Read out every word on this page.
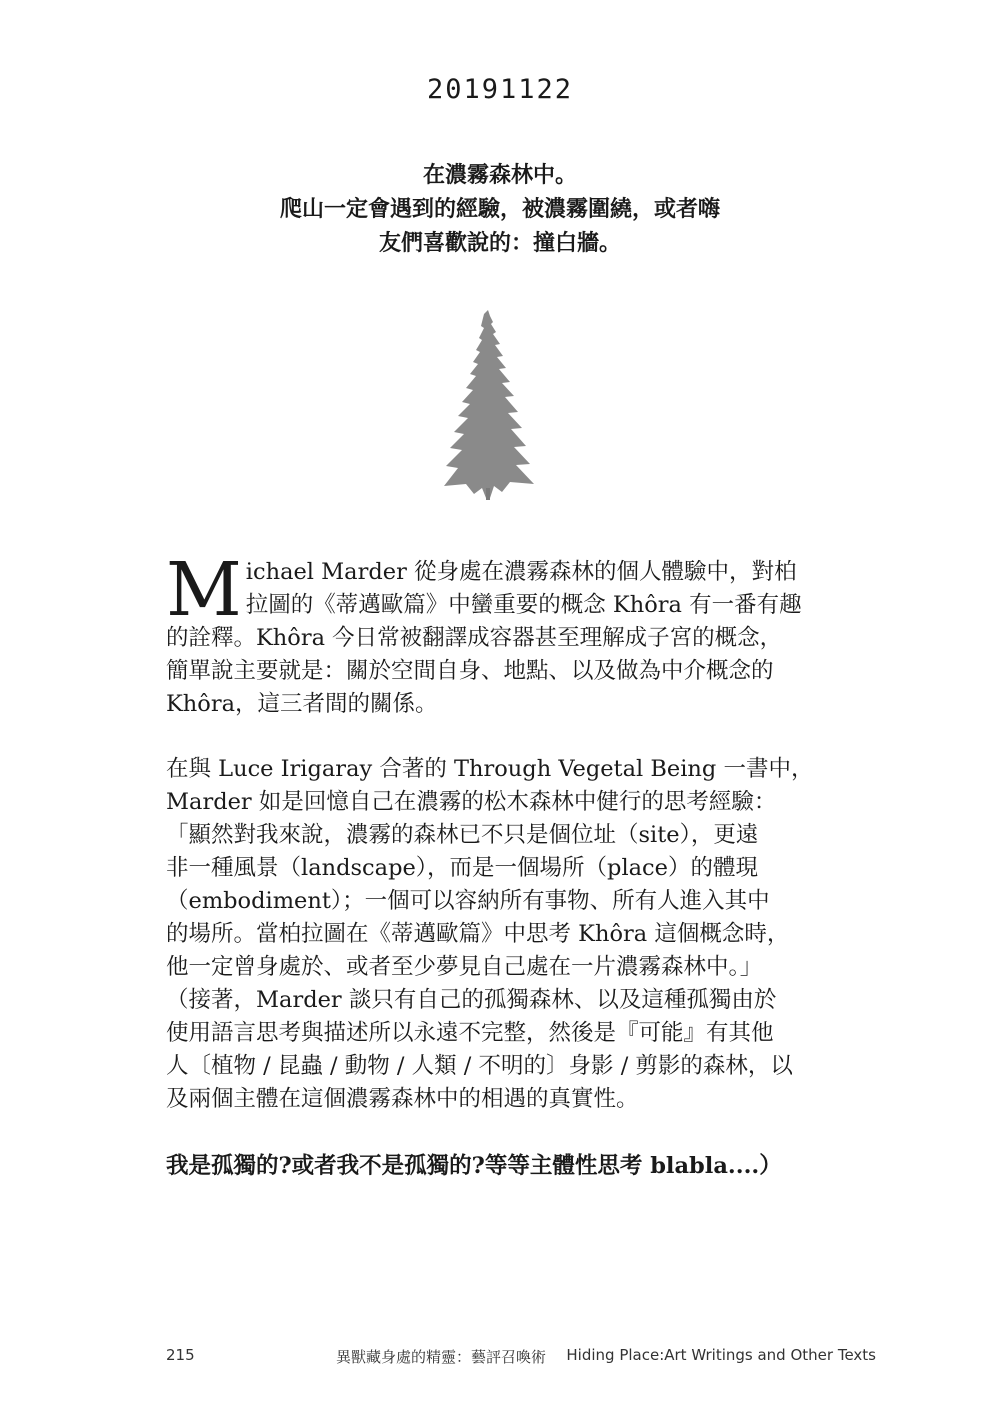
20191122
在濃霧森林中。
爬山一定會遇到的經驗，被濃霧圍繞，或者嗨
友們喜歡說的：撞白牆。
M ichael Marder 從身處在濃霧森林的個人體驗中，對柏
拉圖的《蒂邁歐篇》中蠻重要的概念 Khôra 有一番有趣
的詮釋。Khôra 今日常被翻譯成容器甚至理解成子宮的概念，
簡單說主要就是：關於空間自身、地點、以及做為中介概念的
Khôra，這三者間的關係。
在與 Luce Irigaray 合著的 Through Vegetal Being 一書中，
Marder 如是回憶自己在濃霧的松木森林中健行的思考經驗：
「顯然對我來說，濃霧的森林已不只是個位址（site），更遠
非一種風景（landscape），而是一個場所（place）的體現
（embodiment）；一個可以容納所有事物、所有人進入其中
的場所。當柏拉圖在《蒂邁歐篇》中思考 Khôra 這個概念時，
他一定曾身處於、或者至少夢見自己處在一片濃霧森林中。」
（接著，Marder 談只有自己的孤獨森林、以及這種孤獨由於
使用語言思考與描述所以永遠不完整，然後是『可能』有其他
人〔植物 / 昆蟲 / 動物 / 人類 / 不明的〕身影 / 剪影的森林，以
及兩個主體在這個濃霧森林中的相遇的真實性。
我是孤獨的?或者我不是孤獨的?等等主體性思考 blabla....）
215	異獸藏身處的精靈：藝評召喚術 Hiding Place:Art Writings and Other Texts
